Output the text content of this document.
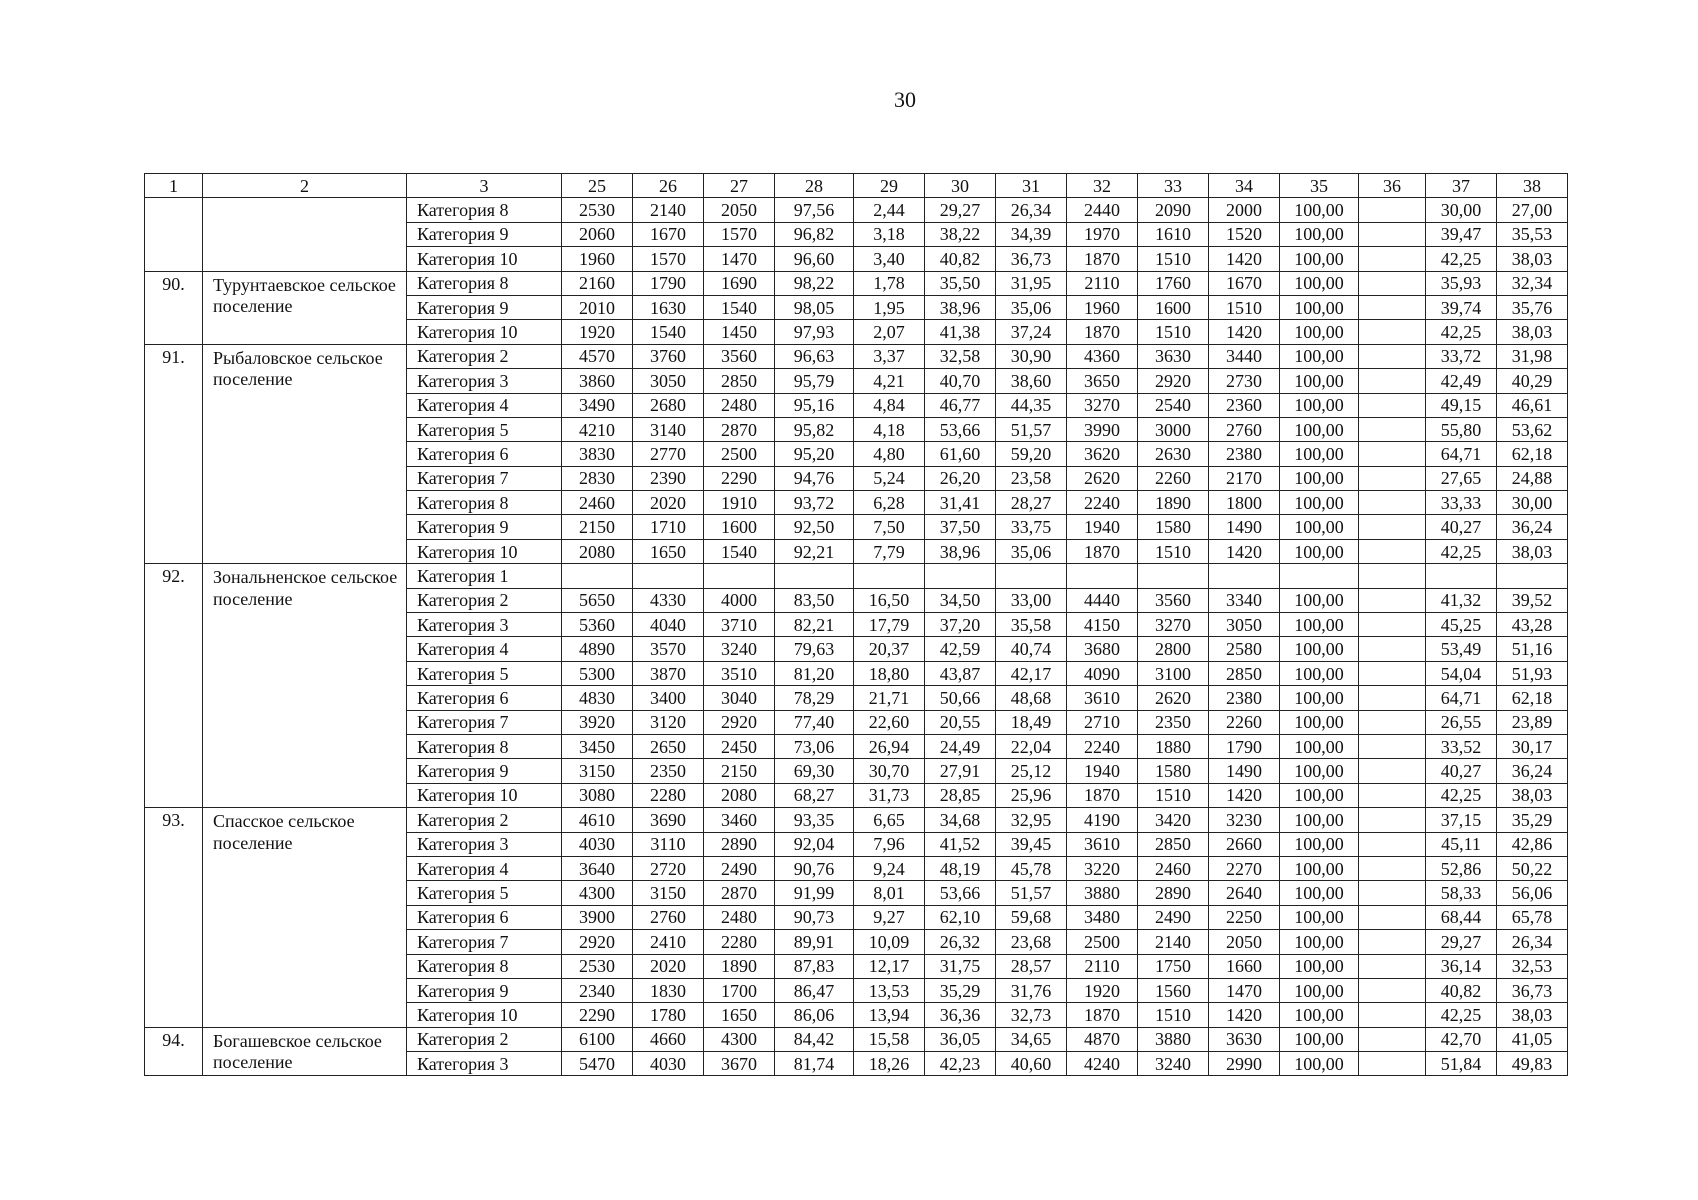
30
1	2	3	25	26	27	28	29	30	31	32	33	34	35	36	37	38
		Категория 8	2530	2140	2050	97,56	2,44	29,27	26,34	2440	2090	2000	100,00		30,00	27,00
		Категория 9	2060	1670	1570	96,82	3,18	38,22	34,39	1970	1610	1520	100,00		39,47	35,53
		Категория 10	1960	1570	1470	96,60	3,40	40,82	36,73	1870	1510	1420	100,00		42,25	38,03
90.	Турунтаевское сельское поселение	Категория 8	2160	1790	1690	98,22	1,78	35,50	31,95	2110	1760	1670	100,00		35,93	32,34
		Категория 9	2010	1630	1540	98,05	1,95	38,96	35,06	1960	1600	1510	100,00		39,74	35,76
		Категория 10	1920	1540	1450	97,93	2,07	41,38	37,24	1870	1510	1420	100,00		42,25	38,03
91.	Рыбаловское сельское поселение	Категория 2	4570	3760	3560	96,63	3,37	32,58	30,90	4360	3630	3440	100,00		33,72	31,98
		Категория 3	3860	3050	2850	95,79	4,21	40,70	38,60	3650	2920	2730	100,00		42,49	40,29
		Категория 4	3490	2680	2480	95,16	4,84	46,77	44,35	3270	2540	2360	100,00		49,15	46,61
		Категория 5	4210	3140	2870	95,82	4,18	53,66	51,57	3990	3000	2760	100,00		55,80	53,62
		Категория 6	3830	2770	2500	95,20	4,80	61,60	59,20	3620	2630	2380	100,00		64,71	62,18
		Категория 7	2830	2390	2290	94,76	5,24	26,20	23,58	2620	2260	2170	100,00		27,65	24,88
		Категория 8	2460	2020	1910	93,72	6,28	31,41	28,27	2240	1890	1800	100,00		33,33	30,00
		Категория 9	2150	1710	1600	92,50	7,50	37,50	33,75	1940	1580	1490	100,00		40,27	36,24
		Категория 10	2080	1650	1540	92,21	7,79	38,96	35,06	1870	1510	1420	100,00		42,25	38,03
92.	Зональненское сельское поселение	Категория 1														
		Категория 2	5650	4330	4000	83,50	16,50	34,50	33,00	4440	3560	3340	100,00		41,32	39,52
		Категория 3	5360	4040	3710	82,21	17,79	37,20	35,58	4150	3270	3050	100,00		45,25	43,28
		Категория 4	4890	3570	3240	79,63	20,37	42,59	40,74	3680	2800	2580	100,00		53,49	51,16
		Категория 5	5300	3870	3510	81,20	18,80	43,87	42,17	4090	3100	2850	100,00		54,04	51,93
		Категория 6	4830	3400	3040	78,29	21,71	50,66	48,68	3610	2620	2380	100,00		64,71	62,18
		Категория 7	3920	3120	2920	77,40	22,60	20,55	18,49	2710	2350	2260	100,00		26,55	23,89
		Категория 8	3450	2650	2450	73,06	26,94	24,49	22,04	2240	1880	1790	100,00		33,52	30,17
		Категория 9	3150	2350	2150	69,30	30,70	27,91	25,12	1940	1580	1490	100,00		40,27	36,24
		Категория 10	3080	2280	2080	68,27	31,73	28,85	25,96	1870	1510	1420	100,00		42,25	38,03
93.	Спасское сельское поселение	Категория 2	4610	3690	3460	93,35	6,65	34,68	32,95	4190	3420	3230	100,00		37,15	35,29
		Категория 3	4030	3110	2890	92,04	7,96	41,52	39,45	3610	2850	2660	100,00		45,11	42,86
		Категория 4	3640	2720	2490	90,76	9,24	48,19	45,78	3220	2460	2270	100,00		52,86	50,22
		Категория 5	4300	3150	2870	91,99	8,01	53,66	51,57	3880	2890	2640	100,00		58,33	56,06
		Категория 6	3900	2760	2480	90,73	9,27	62,10	59,68	3480	2490	2250	100,00		68,44	65,78
		Категория 7	2920	2410	2280	89,91	10,09	26,32	23,68	2500	2140	2050	100,00		29,27	26,34
		Категория 8	2530	2020	1890	87,83	12,17	31,75	28,57	2110	1750	1660	100,00		36,14	32,53
		Категория 9	2340	1830	1700	86,47	13,53	35,29	31,76	1920	1560	1470	100,00		40,82	36,73
		Категория 10	2290	1780	1650	86,06	13,94	36,36	32,73	1870	1510	1420	100,00		42,25	38,03
94.	Богашевское сельское поселение	Категория 2	6100	4660	4300	84,42	15,58	36,05	34,65	4870	3880	3630	100,00		42,70	41,05
		Категория 3	5470	4030	3670	81,74	18,26	42,23	40,60	4240	3240	2990	100,00		51,84	49,83
